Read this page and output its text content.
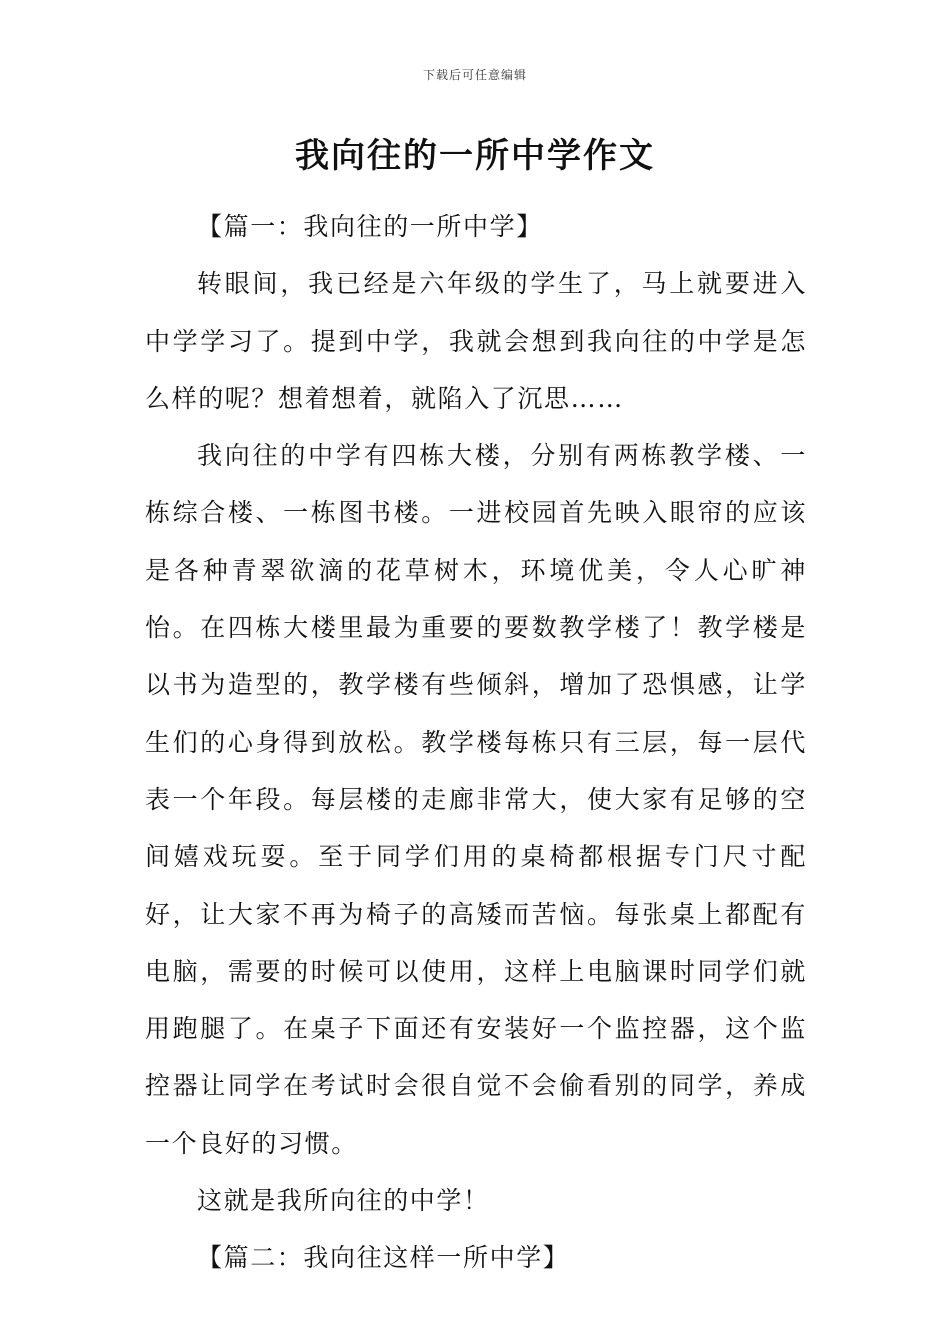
下载后可任意编辑
我向往的一所中学作文

【篇一：我向往的一所中学】

转眼间，我已经是六年级的学生了，马上就要进入中学学习了。提到中学，我就会想到我向往的中学是怎么样的呢？想着想着，就陷入了沉思……

我向往的中学有四栋大楼，分别有两栋教学楼、一栋综合楼、一栋图书楼。一进校园首先映入眼帘的应该是各种青翠欲滴的花草树木，环境优美，令人心旷神怡。在四栋大楼里最为重要的要数教学楼了！教学楼是以书为造型的，教学楼有些倾斜，增加了恐惧感，让学生们的心身得到放松。教学楼每栋只有三层，每一层代表一个年段。每层楼的走廊非常大，使大家有足够的空间嬉戏玩耍。至于同学们用的桌椅都根据专门尺寸配好，让大家不再为椅子的高矮而苦恼。每张桌上都配有电脑，需要的时候可以使用，这样上电脑课时同学们就用跑腿了。在桌子下面还有安装好一个监控器，这个监控器让同学在考试时会很自觉不会偷看别的同学，养成一个良好的习惯。

这就是我所向往的中学！

【篇二：我向往这样一所中学】
